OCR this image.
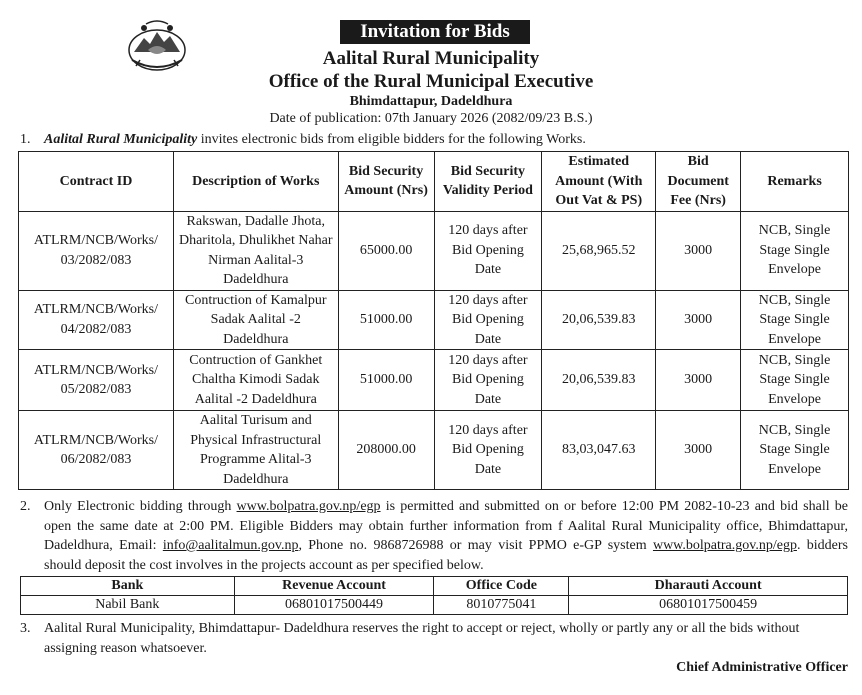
Invitation for Bids
Aalital Rural Municipality
Office of the Rural Municipal Executive
Bhimdattapur, Dadeldhura
Date of publication: 07th January 2026 (2082/09/23 B.S.)
1. Aalital Rural Municipality invites electronic bids from eligible bidders for the following Works.
Contract ID	Description of Works	Bid Security Amount (Nrs)	Bid Security Validity Period	Estimated Amount (With Out Vat & PS)	Bid Document Fee (Nrs)	Remarks
ATLRM/NCB/Works/ 03/2082/083	Rakswan, Dadalle Jhota, Dharitola, Dhulikhet Nahar Nirman Aalital-3 Dadeldhura	65000.00	120 days after Bid Opening Date	25,68,965.52	3000	NCB, Single Stage Single Envelope
ATLRM/NCB/Works/ 04/2082/083	Contruction of Kamalpur Sadak Aalital -2 Dadeldhura	51000.00	120 days after Bid Opening Date	20,06,539.83	3000	NCB, Single Stage Single Envelope
ATLRM/NCB/Works/ 05/2082/083	Contruction of Gankhet Chaltha Kimodi Sadak Aalital -2 Dadeldhura	51000.00	120 days after Bid Opening Date	20,06,539.83	3000	NCB, Single Stage Single Envelope
ATLRM/NCB/Works/ 06/2082/083	Aalital Turisum and Physical Infrastructural Programme Alital-3 Dadeldhura	208000.00	120 days after Bid Opening Date	83,03,047.63	3000	NCB, Single Stage Single Envelope
2. Only Electronic bidding through www.bolpatra.gov.np/egp is permitted and submitted on or before 12:00 PM 2082-10-23 and bid shall be open the same date at 2:00 PM. Eligible Bidders may obtain further information from f Aalital Rural Municipality office, Bhimdattapur, Dadeldhura, Email: info@aalitalmun.gov.np, Phone no. 9868726988 or may visit PPMO e-GP system www.bolpatra.gov.np/egp. bidders should deposit the cost involves in the projects account as per specified below.
Bank	Revenue Account	Office Code	Dharauti Account
Nabil Bank	06801017500449	8010775041	06801017500459
3. Aalital Rural Municipality, Bhimdattapur- Dadeldhura reserves the right to accept or reject, wholly or partly any or all the bids without assigning reason whatsoever.
Chief Administrative Officer
